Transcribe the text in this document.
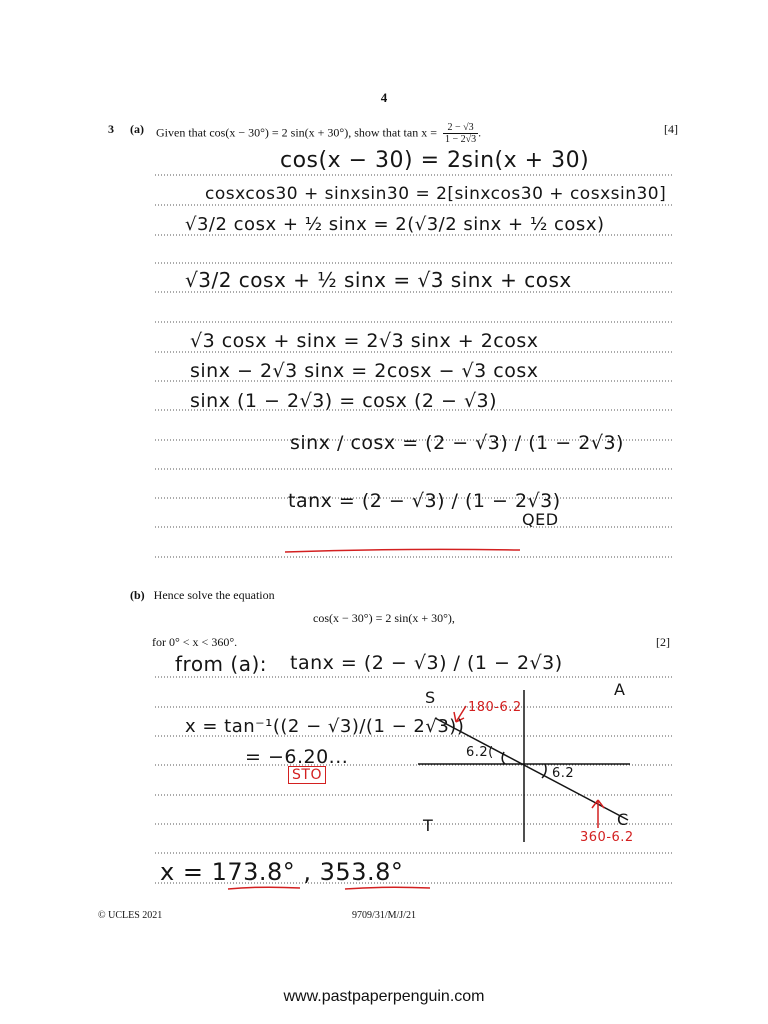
4
3 (a) Given that cos(x − 30°) = 2 sin(x + 30°), show that $\tan x = \frac{2 - √3}{1 - 2√3}$ .	[4]
cos(x − 30) = 2sin(x + 30)
cosxcos30 + sinxsin30 = 2[sinxcos30 + cosxsin30]
√3/2 cosx + ½ sinx = 2(√3/2 sinx + ½ cosx)
√3/2 cosx + ½ sinx = √3 sinx + cosx
√3 cosx + sinx = 2√3 sinx + 2cosx
sinx − 2√3 sinx = 2cosx − √3 cosx
sinx (1 − 2√3) = cosx (2 − √3)
sinx / cosx = (2 − √3) / (1 − 2√3)
tanx = (2 − √3) / (1 − 2√3)
QED
(b) Hence solve the equation
cos(x − 30°) = 2 sin(x + 30°),
for 0° < x < 360°.	[2]
from (a): tanx = (2 − √3) / (1 − 2√3)
x = tan⁻¹((2 − √3)/(1 − 2√3))
= −6.20...
STO
S	A
T	C
6.2(
6.2
180-6.2
360-6.2
x = 173.8° , 353.8°
© UCLES 2021	9709/31/M/J/21
www.pastpaperpenguin.com
